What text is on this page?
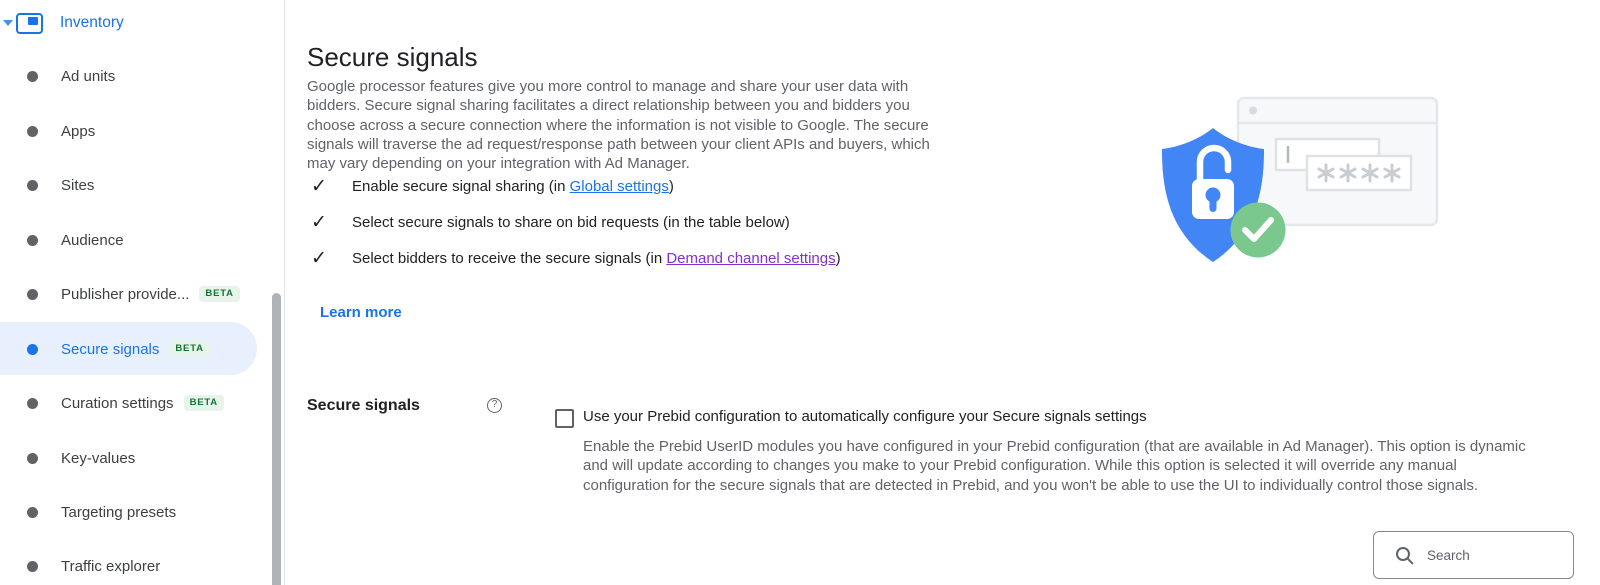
Inventory
Ad units
Apps
Sites
Audience
Publisher provide...	BETA
Secure signals	BETA
Curation settings	BETA
Key-values
Targeting presets
Traffic explorer
Secure signals

Google processor features give you more control to manage and share your user data with bidders. Secure signal sharing facilitates a direct relationship between you and bidders you choose across a secure connection where the information is not visible to Google. The secure signals will traverse the ad request/response path between your client APIs and buyers, which may vary depending on your integration with Ad Manager.

✓	Enable secure signal sharing (in Global settings)
✓	Select secure signals to share on bid requests (in the table below)
✓	Select bidders to receive the secure signals (in Demand channel settings)
Learn more
Secure signals	?
Use your Prebid configuration to automatically configure your Secure signals settings
Enable the Prebid UserID modules you have configured in your Prebid configuration (that are available in Ad Manager). This option is dynamic and will update according to changes you make to your Prebid configuration. While this option is selected it will override any manual configuration for the secure signals that are detected in Prebid, and you won't be able to use the UI to individually control those signals.
Search
